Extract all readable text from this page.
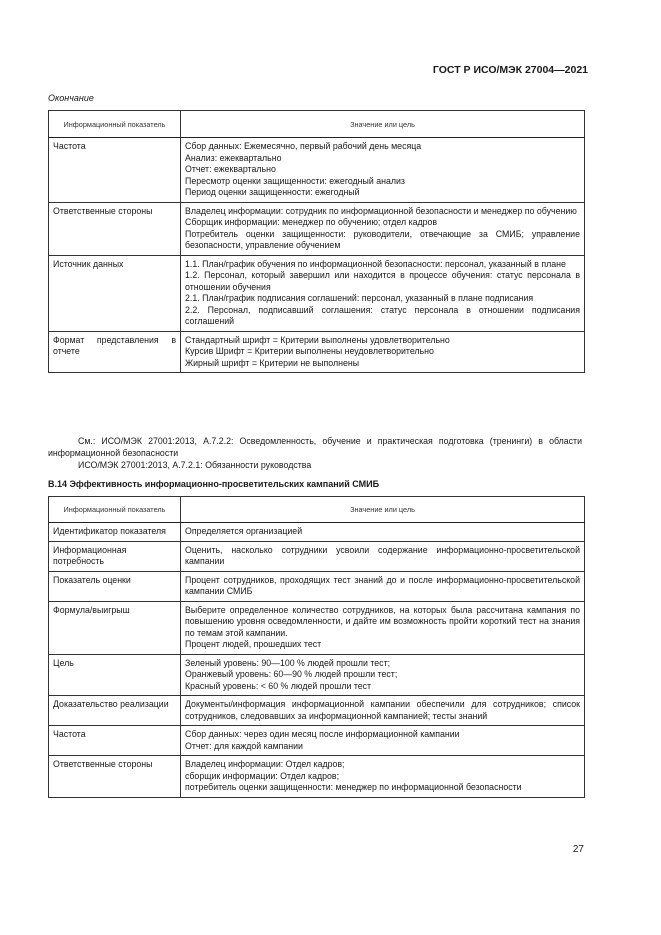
ГОСТ Р ИСО/МЭК 27004—2021
Окончание
Информационный показатель	Значение или цель
Частота	Сбор данных: Ежемесячно, первый рабочий день месяца
Анализ: ежеквартально
Отчет: ежеквартально
Пересмотр оценки защищенности: ежегодный анализ
Период оценки защищенности: ежегодный

Ответственные стороны	Владелец информации: сотрудник по информационной безопасности и менеджер по обучению
Сборщик информации: менеджер по обучению; отдел кадров
Потребитель оценки защищенности: руководители, отвечающие за СМИБ; управление безопасности, управление обучением

Источник данных	1.1. План/график обучения по информационной безопасности: персонал, указанный в плане
1.2. Персонал, который завершил или находится в процессе обучения: статус персонала в отношении обучения
2.1. План/график подписания соглашений: персонал, указанный в плане подписания
2.2. Персонал, подписавший соглашения: статус персонала в отношении подписания соглашений

Формат представления в отчете	Стандартный шрифт = Критерии выполнены удовлетворительно
Курсив Шрифт = Критерии выполнены неудовлетворительно
Жирный шрифт = Критерии не выполнены

См.: ИСО/МЭК 27001:2013, А.7.2.2: Осведомленность, обучение и практическая подготовка (тренинги) в области информационной безопасности

ИСО/МЭК 27001:2013, А.7.2.1: Обязанности руководства

В.14 Эффективность информационно-просветительских кампаний СМИБ
Информационный показатель	Значение или цель
Идентификатор показателя	Определяется организацией

Информационная потребность	Оценить, насколько сотрудники усвоили содержание информационно-просветительской кампании

Показатель оценки	Процент сотрудников, проходящих тест знаний до и после информационно-просветительской кампании СМИБ

Формула/выигрыш	Выберите определенное количество сотрудников, на которых была рассчитана кампания по повышению уровня осведомленности, и дайте им возможность пройти короткий тест на знания по темам этой кампании.
Процент людей, прошедших тест

Цель	Зеленый уровень: 90—100 % людей прошли тест;
Оранжевый уровень: 60—90 % людей прошли тест;
Красный уровень: < 60 % людей прошли тест

Доказательство реализации	Документы/информация информационной кампании обеспечили для сотрудников; список сотрудников, следовавших за информационной кампанией; тесты знаний

Частота	Сбор данных: через один месяц после информационной кампании
Отчет: для каждой кампании

Ответственные стороны	Владелец информации: Отдел кадров;
сборщик информации: Отдел кадров;
потребитель оценки защищенности: менеджер по информационной безопасности
27
